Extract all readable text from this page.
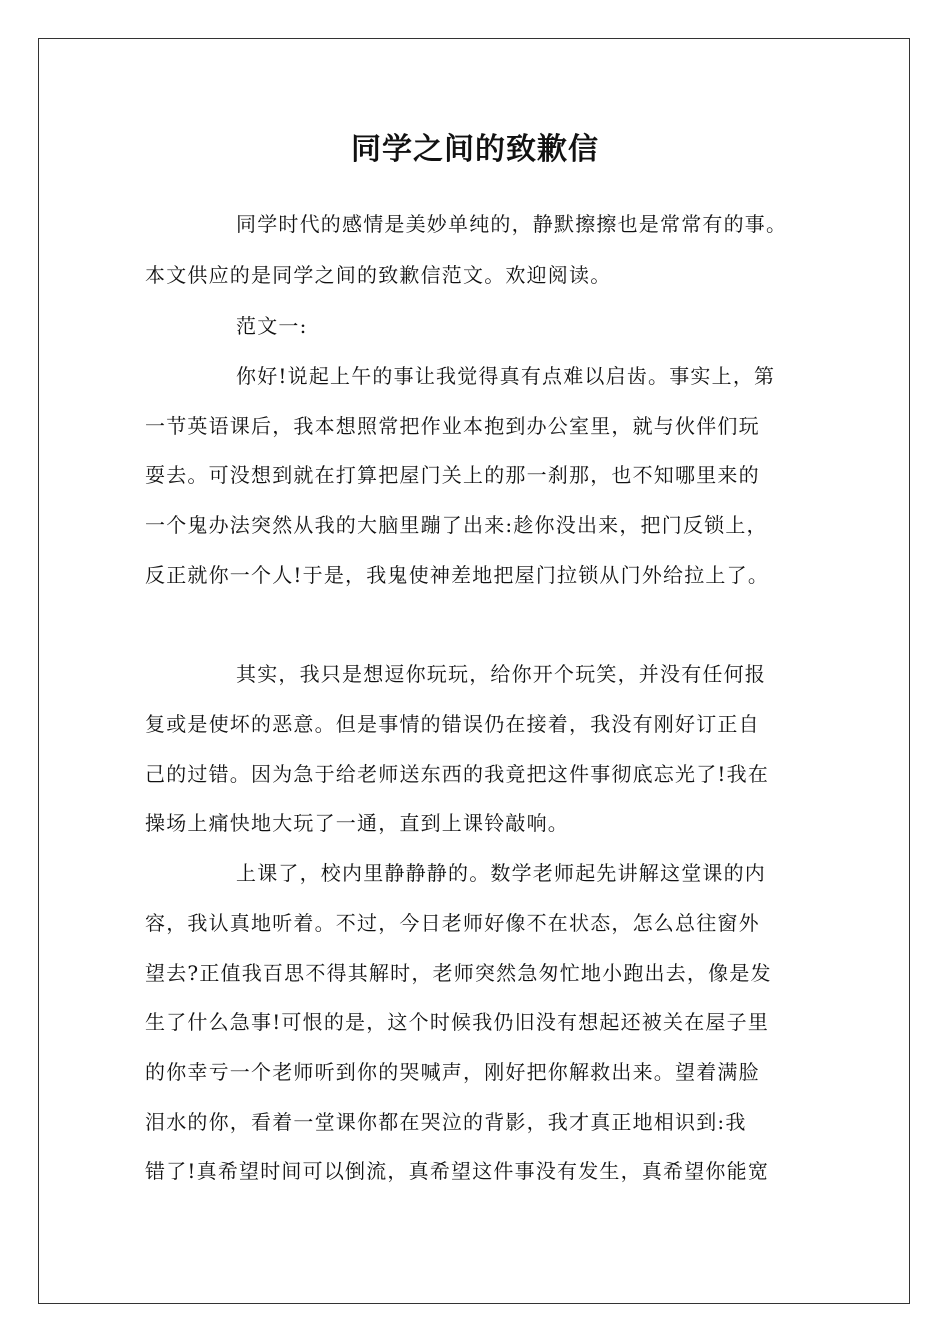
同学之间的致歉信

同学时代的感情是美妙单纯的，静默擦擦也是常常有的事。

本文供应的是同学之间的致歉信范文。欢迎阅读。

范文一:

你好!说起上午的事让我觉得真有点难以启齿。事实上，第

一节英语课后，我本想照常把作业本抱到办公室里，就与伙伴们玩

耍去。可没想到就在打算把屋门关上的那一刹那，也不知哪里来的

一个鬼办法突然从我的大脑里蹦了出来:趁你没出来，把门反锁上，

反正就你一个人!于是，我鬼使神差地把屋门拉锁从门外给拉上了。

其实，我只是想逗你玩玩，给你开个玩笑，并没有任何报

复或是使坏的恶意。但是事情的错误仍在接着，我没有刚好订正自

己的过错。因为急于给老师送东西的我竟把这件事彻底忘光了!我在

操场上痛快地大玩了一通，直到上课铃敲响。

上课了，校内里静静静的。数学老师起先讲解这堂课的内

容，我认真地听着。不过，今日老师好像不在状态，怎么总往窗外

望去?正值我百思不得其解时，老师突然急匆忙地小跑出去，像是发

生了什么急事!可恨的是，这个时候我仍旧没有想起还被关在屋子里

的你幸亏一个老师听到你的哭喊声，刚好把你解救出来。望着满脸

泪水的你，看着一堂课你都在哭泣的背影，我才真正地相识到:我

错了!真希望时间可以倒流，真希望这件事没有发生，真希望你能宽
